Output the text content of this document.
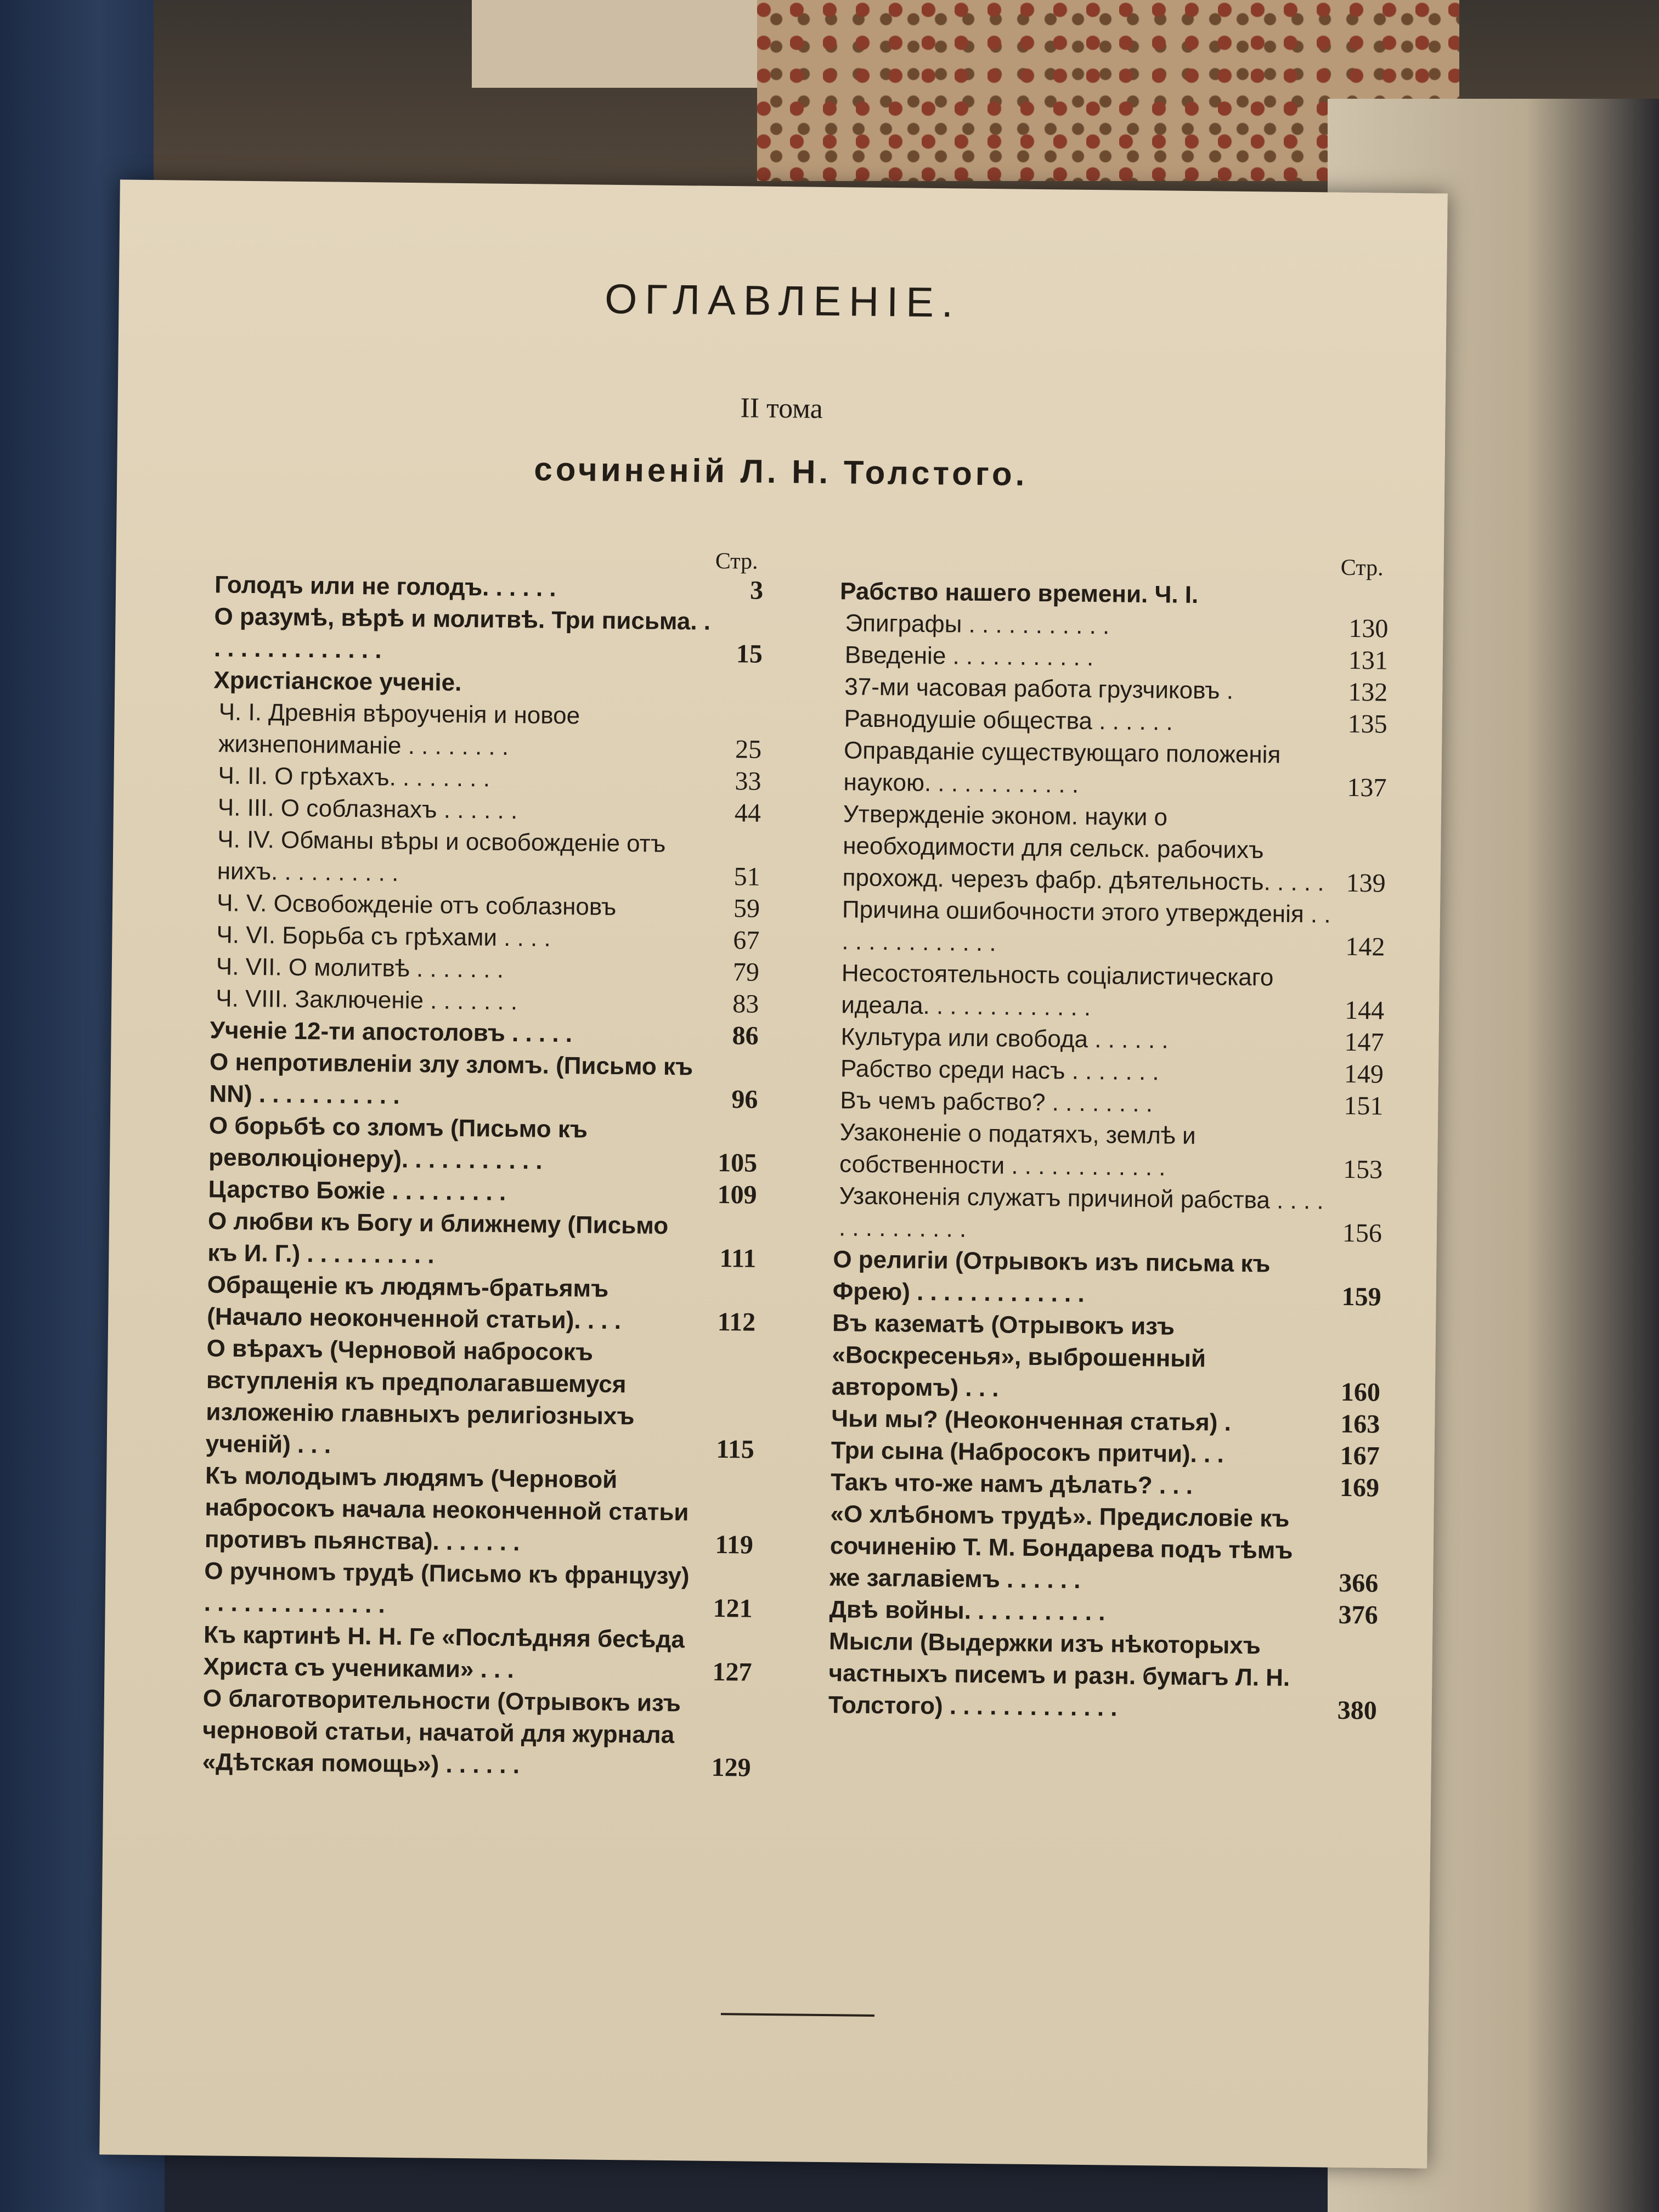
ОГЛАВЛЕНІЕ.
II тома
сочиненій Л. Н. Толстого.
Стр.
Голодъ или не голодъ. . . . . .	3
О разумѣ, вѣрѣ и молитвѣ. Три письма. . . . . . . . . . . . . . .	15
Христіанское ученіе.
Ч. I. Древнія вѣроученія и новое жизнепониманіе . . . . . . . .	25
Ч. II. О грѣхахъ. . . . . . . .	33
Ч. III. О соблазнахъ . . . . . .	44
Ч. IV. Обманы вѣры и освобожденіе отъ нихъ. . . . . . . . . .	51
Ч. V. Освобожденіе отъ соблазновъ	59
Ч. VI. Борьба съ грѣхами . . . .	67
Ч. VII. О молитвѣ . . . . . . .	79
Ч. VIII. Заключеніе . . . . . . .	83
Ученіе 12-ти апостоловъ . . . . .	86
О непротивленіи злу зломъ. (Письмо къ NN) . . . . . . . . . . .	96
О борьбѣ со зломъ (Письмо къ революціонеру). . . . . . . . . . .	105
Царство Божіе . . . . . . . . .	109
О любви къ Богу и ближнему (Письмо къ И. Г.) . . . . . . . . . .	111
Обращеніе къ людямъ-братьямъ (Начало неоконченной статьи). . . .	112
О вѣрахъ (Черновой набросокъ вступленія къ предполагавшемуся изложенію главныхъ религіозныхъ ученій) . . .	115
Къ молодымъ людямъ (Черновой набросокъ начала неоконченной статьи противъ пьянства). . . . . . .	119
О ручномъ трудѣ (Письмо къ французу) . . . . . . . . . . . . . .	121
Къ картинѣ Н. Н. Ге «Послѣдняя бесѣда Христа съ учениками» . . .	127
О благотворительности (Отрывокъ изъ черновой статьи, начатой для журнала «Дѣтская помощь») . . . . . .	129
Стр.
Рабство нашего времени. Ч. I.
Эпиграфы . . . . . . . . . . .	130
Введеніе . . . . . . . . . . .	131
37-ми часовая работа грузчиковъ .	132
Равнодушіе общества . . . . . .	135
Оправданіе существующаго положенія наукою. . . . . . . . . . . .	137
Утвержденіе эконом. науки о необходимости для сельск. рабочихъ прохожд. черезъ фабр. дѣятельность. . . . . 139
Причина ошибочности этого утвержденія . . . . . . . . . . . . . .	142
Несостоятельность соціалистическаго идеала. . . . . . . . . . . . .	144
Культура или свобода . . . . . .	147
Рабство среди насъ . . . . . . .	149
Въ чемъ рабство? . . . . . . . .	151
Узаконеніе о податяхъ, землѣ и собственности . . . . . . . . . . . .	153
Узаконенія служатъ причиной рабства . . . . . . . . . . . . . .	156
О религіи (Отрывокъ изъ письма къ Фрею) . . . . . . . . . . . . .	159
Въ казематѣ (Отрывокъ изъ «Воскресенья», выброшенный авторомъ) . . .	160
Чьи мы? (Неоконченная статья) .	163
Три сына (Набросокъ притчи). . .	167
Такъ что-же намъ дѣлать? . . .	169
«О хлѣбномъ трудѣ». Предисловіе къ сочиненію Т. М. Бондарева подъ тѣмъ же заглавіемъ . . . . . .	366
Двѣ войны. . . . . . . . . . .	376
Мысли (Выдержки изъ нѣкоторыхъ частныхъ писемъ и разн. бумагъ Л. Н. Толстого) . . . . . . . . . . . . .	380
